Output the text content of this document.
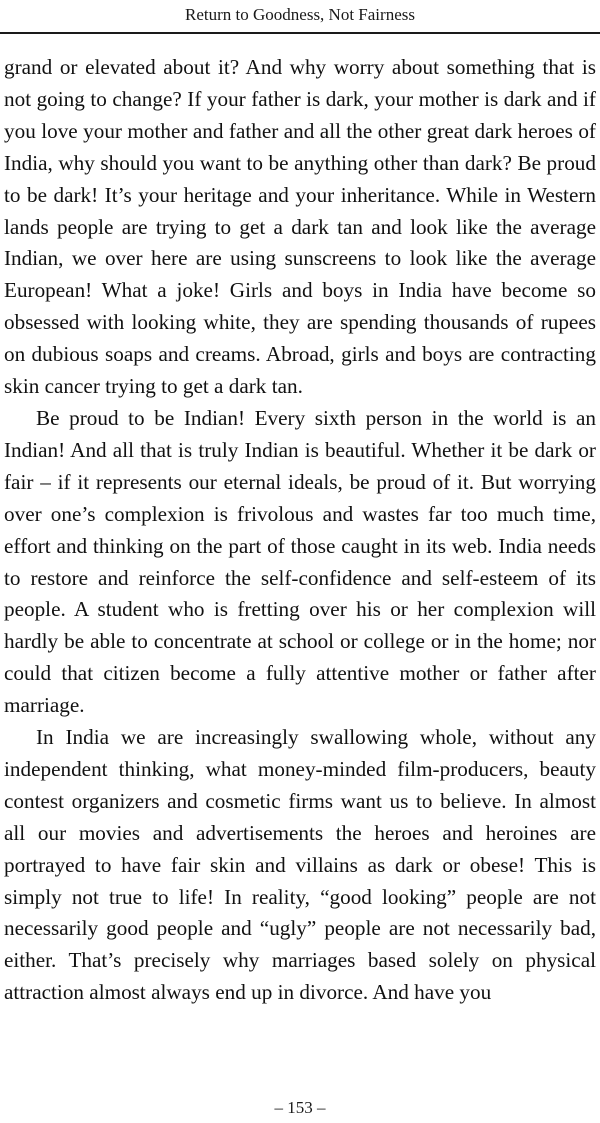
Return to Goodness, Not Fairness

grand or elevated about it? And why worry about something that is not going to change? If your father is dark, your mother is dark and if you love your mother and father and all the other great dark heroes of India, why should you want to be anything other than dark? Be proud to be dark! It’s your heritage and your inheritance. While in Western lands people are trying to get a dark tan and look like the average Indian, we over here are using sunscreens to look like the average European! What a joke! Girls and boys in India have become so obsessed with looking white, they are spending thousands of rupees on dubious soaps and creams. Abroad, girls and boys are contracting skin cancer trying to get a dark tan.

Be proud to be Indian! Every sixth person in the world is an Indian! And all that is truly Indian is beautiful. Whether it be dark or fair – if it represents our eternal ideals, be proud of it. But worrying over one’s complexion is frivolous and wastes far too much time, effort and thinking on the part of those caught in its web. India needs to restore and reinforce the self-confidence and self-esteem of its people. A student who is fretting over his or her complexion will hardly be able to concentrate at school or college or in the home; nor could that citizen become a fully attentive mother or father after marriage.

In India we are increasingly swallowing whole, without any independent thinking, what money-minded film-producers, beauty contest organizers and cosmetic firms want us to believe. In almost all our movies and advertisements the heroes and heroines are portrayed to have fair skin and villains as dark or obese! This is simply not true to life! In reality, “good looking” people are not necessarily good people and “ugly” people are not necessarily bad, either. That’s precisely why marriages based solely on physical attraction almost always end up in divorce. And have you

– 153 –
